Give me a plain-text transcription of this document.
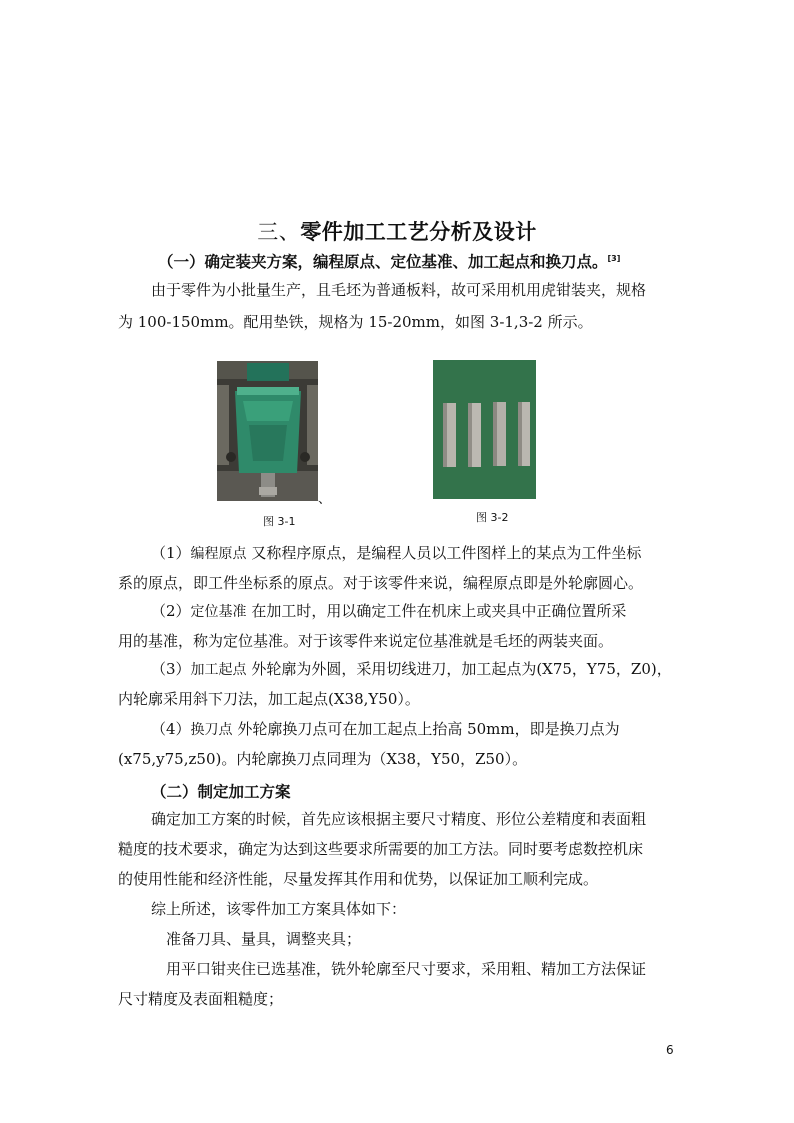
三、零件加工工艺分析及设计
（一）确定装夹方案，编程原点、定位基准、加工起点和换刀点。[3]
由于零件为小批量生产，且毛坯为普通板料，故可采用机用虎钳装夹，规格
为 100-150mm。配用垫铁，规格为 15-20mm，如图 3-1,3-2 所示。
、
图 3-1	图 3-2
（1）编程原点 又称程序原点，是编程人员以工件图样上的某点为工件坐标
系的原点，即工件坐标系的原点。对于该零件来说，编程原点即是外轮廓圆心。
（2）定位基准 在加工时，用以确定工件在机床上或夹具中正确位置所采
用的基准，称为定位基准。对于该零件来说定位基准就是毛坯的两装夹面。
（3）加工起点 外轮廓为外圆，采用切线进刀，加工起点为(X75，Y75，Z0)，
内轮廓采用斜下刀法，加工起点(X38,Y50）。
（4）换刀点 外轮廓换刀点可在加工起点上抬高 50mm，即是换刀点为
(x75,y75,z50)。内轮廓换刀点同理为（X38，Y50，Z50）。
（二）制定加工方案
确定加工方案的时候，首先应该根据主要尺寸精度、形位公差精度和表面粗
糙度的技术要求，确定为达到这些要求所需要的加工方法。同时要考虑数控机床
的使用性能和经济性能，尽量发挥其作用和优势，以保证加工顺利完成。
综上所述，该零件加工方案具体如下：
准备刀具、量具，调整夹具；
用平口钳夹住已选基准，铣外轮廓至尺寸要求，采用粗、精加工方法保证
尺寸精度及表面粗糙度；
6
